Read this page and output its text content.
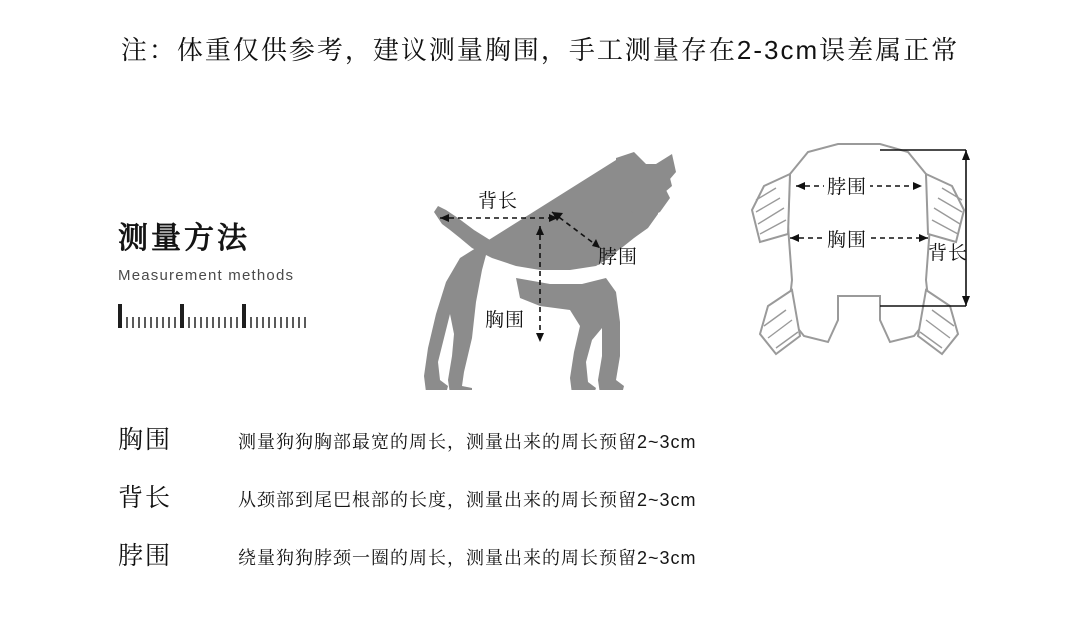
注：体重仅供参考，建议测量胸围，手工测量存在2-3cm误差属正常
测量方法
Measurement methods
背长
脖围
胸围
脖围
胸围
背长
胸围	测量狗狗胸部最宽的周长，测量出来的周长预留2~3cm
背长	从颈部到尾巴根部的长度，测量出来的周长预留2~3cm
脖围	绕量狗狗脖颈一圈的周长，测量出来的周长预留2~3cm
